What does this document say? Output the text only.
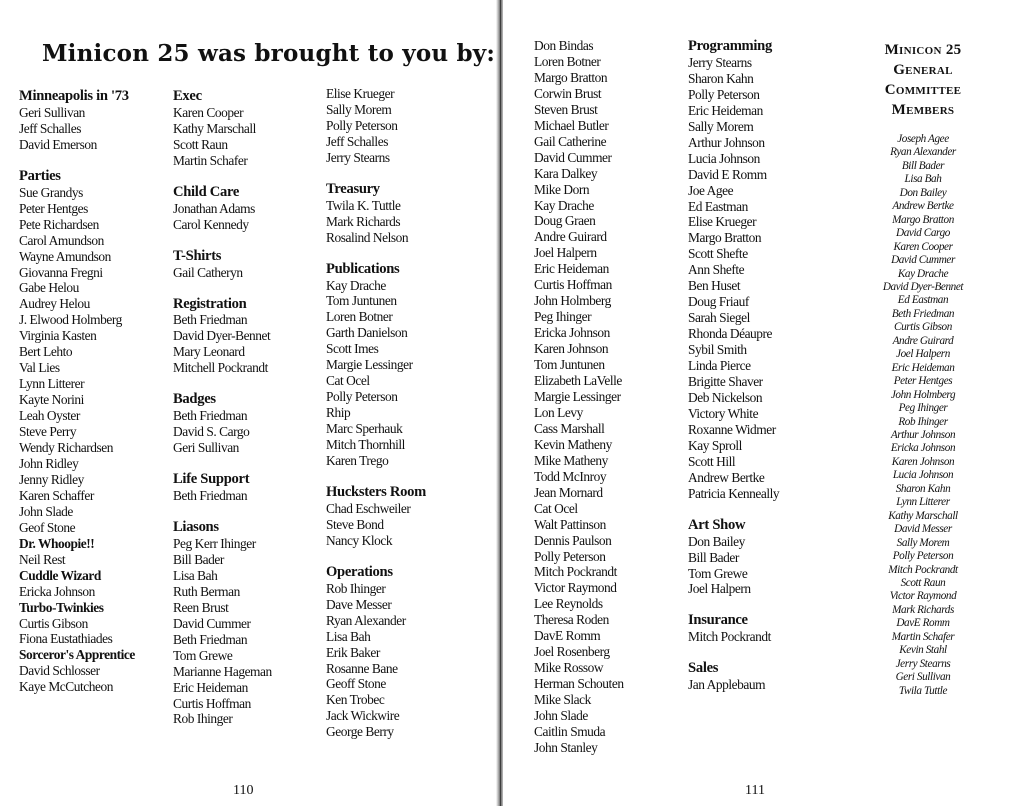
Minicon 25 was brought to you by:
Minneapolis in '73
Geri Sullivan
Jeff Schalles
David Emerson
Parties
Sue Grandys
Peter Hentges
Pete Richardsen
Carol Amundson
Wayne Amundson
Giovanna Fregni
Gabe Helou
Audrey Helou
J. Elwood Holmberg
Virginia Kasten
Bert Lehto
Val Lies
Lynn Litterer
Kayte Norini
Leah Oyster
Steve Perry
Wendy Richardsen
John Ridley
Jenny Ridley
Karen Schaffer
John Slade
Geof Stone
Dr. Whoopie!!
Neil Rest
Cuddle Wizard
Ericka Johnson
Turbo-Twinkies
Curtis Gibson
Fiona Eustathiades
Sorceror's Apprentice
David Schlosser
Kaye McCutcheon
Exec
Karen Cooper
Kathy Marschall
Scott Raun
Martin Schafer
Child Care
Jonathan Adams
Carol Kennedy
T-Shirts
Gail Catheryn
Registration
Beth Friedman
David Dyer-Bennet
Mary Leonard
Mitchell Pockrandt
Badges
Beth Friedman
David S. Cargo
Geri Sullivan
Life Support
Beth Friedman
Liasons
Peg Kerr Ihinger
Bill Bader
Lisa Bah
Ruth Berman
Reen Brust
David Cummer
Beth Friedman
Tom Grewe
Marianne Hageman
Eric Heideman
Curtis Hoffman
Rob Ihinger
Elise Krueger
Sally Morem
Polly Peterson
Jeff Schalles
Jerry Stearns
Treasury
Twila K. Tuttle
Mark Richards
Rosalind Nelson
Publications
Kay Drache
Tom Juntunen
Loren Botner
Garth Danielson
Scott Imes
Margie Lessinger
Cat Ocel
Polly Peterson
Rhip
Marc Sperhauk
Mitch Thornhill
Karen Trego
Hucksters Room
Chad Eschweiler
Steve Bond
Nancy Klock
Operations
Rob Ihinger
Dave Messer
Ryan Alexander
Lisa Bah
Erik Baker
Rosanne Bane
Geoff Stone
Ken Trobec
Jack Wickwire
George Berry
110
Don Bindas
Loren Botner
Margo Bratton
Corwin Brust
Steven Brust
Michael Butler
Gail Catherine
David Cummer
Kara Dalkey
Mike Dorn
Kay Drache
Doug Graen
Andre Guirard
Joel Halpern
Eric Heideman
Curtis Hoffman
John Holmberg
Peg Ihinger
Ericka Johnson
Karen Johnson
Tom Juntunen
Elizabeth LaVelle
Margie Lessinger
Lon Levy
Cass Marshall
Kevin Matheny
Mike Matheny
Todd McInroy
Jean Mornard
Cat Ocel
Walt Pattinson
Dennis Paulson
Polly Peterson
Mitch Pockrandt
Victor Raymond
Lee Reynolds
Theresa Roden
DavE Romm
Joel Rosenberg
Mike Rossow
Herman Schouten
Mike Slack
John Slade
Caitlin Smuda
John Stanley
Programming
Jerry Stearns
Sharon Kahn
Polly Peterson
Eric Heideman
Sally Morem
Arthur Johnson
Lucia Johnson
David E Romm
Joe Agee
Ed Eastman
Elise Krueger
Margo Bratton
Scott Shefte
Ann Shefte
Ben Huset
Doug Friauf
Sarah Siegel
Rhonda Déaupre
Sybil Smith
Linda Pierce
Brigitte Shaver
Deb Nickelson
Victory White
Roxanne Widmer
Kay Sproll
Scott Hill
Andrew Bertke
Patricia Kenneally
Art Show
Don Bailey
Bill Bader
Tom Grewe
Joel Halpern
Insurance
Mitch Pockrandt
Sales
Jan Applebaum
Minicon 25
General
Committee
Members
Joseph Agee
Ryan Alexander
Bill Bader
Lisa Bah
Don Bailey
Andrew Bertke
Margo Bratton
David Cargo
Karen Cooper
David Cummer
Kay Drache
David Dyer-Bennet
Ed Eastman
Beth Friedman
Curtis Gibson
Andre Guirard
Joel Halpern
Eric Heideman
Peter Hentges
John Holmberg
Peg Ihinger
Rob Ihinger
Arthur Johnson
Ericka Johnson
Karen Johnson
Lucia Johnson
Sharon Kahn
Lynn Litterer
Kathy Marschall
David Messer
Sally Morem
Polly Peterson
Mitch Pockrandt
Scott Raun
Victor Raymond
Mark Richards
DavE Romm
Martin Schafer
Kevin Stahl
Jerry Stearns
Geri Sullivan
Twila Tuttle
111
